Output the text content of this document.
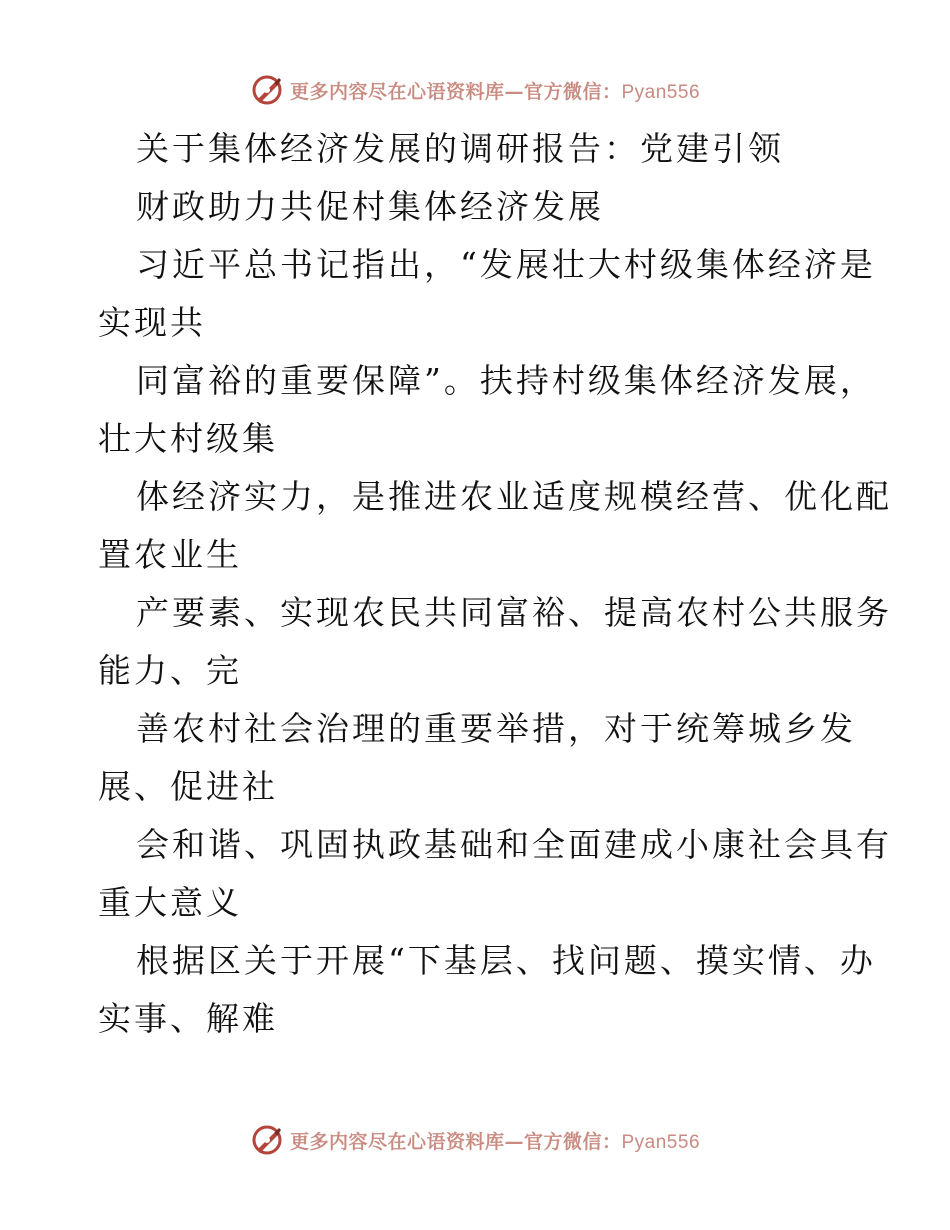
更多内容尽在心语资料库—官方微信：Pyan556
关于集体经济发展的调研报告：党建引领
财政助力共促村集体经济发展
习近平总书记指出，“发展壮大村级集体经济是
实现共
同富裕的重要保障”。扶持村级集体经济发展，
壮大村级集
体经济实力，是推进农业适度规模经营、优化配
置农业生
产要素、实现农民共同富裕、提高农村公共服务
能力、完
善农村社会治理的重要举措，对于统筹城乡发
展、促进社
会和谐、巩固执政基础和全面建成小康社会具有
重大意义
根据区关于开展“下基层、找问题、摸实情、办
实事、解难
更多内容尽在心语资料库—官方微信：Pyan556
